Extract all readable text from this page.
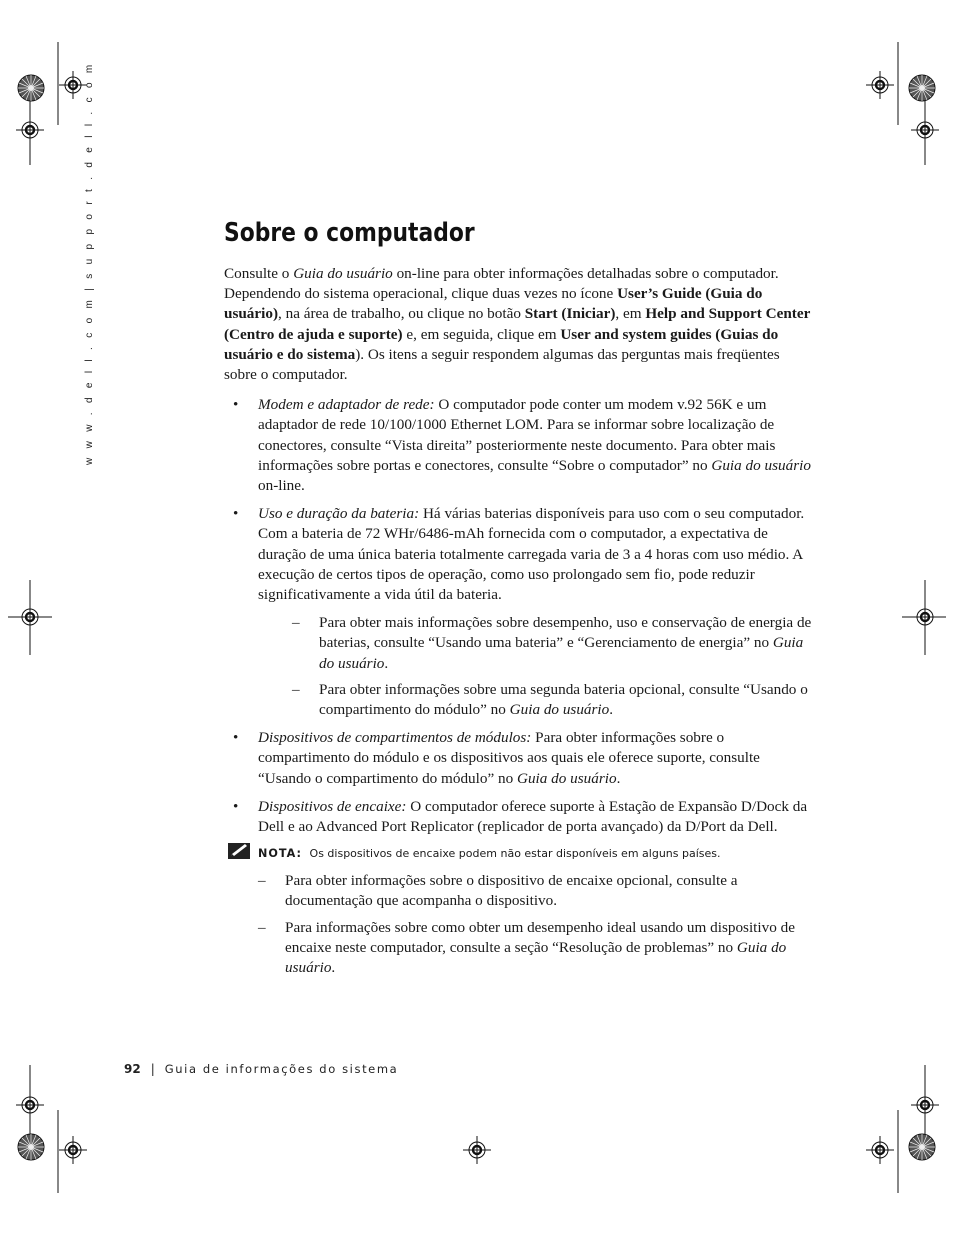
w w w . d e l l . c o m | s u p p o r t . d e l l . c o m	Sobre o computador

Consulte o Guia do usuário on-line para obter informações detalhadas sobre o computador. Dependendo do sistema operacional, clique duas vezes no ícone User’s Guide (Guia do usuário), na área de trabalho, ou clique no botão Start (Iniciar), em Help and Support Center (Centro de ajuda e suporte) e, em seguida, clique em User and system guides (Guias do usuário e do sistema). Os itens a seguir respondem algumas das perguntas mais freqüentes sobre o computador.

• Modem e adaptador de rede: O computador pode conter um modem v.92 56K e um adaptador de rede 10/100/1000 Ethernet LOM. Para se informar sobre localização de conectores, consulte “Vista direita” posteriormente neste documento. Para obter mais informações sobre portas e conectores, consulte “Sobre o computador” no Guia do usuário on-line.
• Uso e duração da bateria: Há várias baterias disponíveis para uso com o seu computador. Com a bateria de 72 WHr/6486-mAh fornecida com o computador, a expectativa de duração de uma única bateria totalmente carregada varia de 3 a 4 horas com uso médio. A execução de certos tipos de operação, como uso prolongado sem fio, pode reduzir significativamente a vida útil da bateria.
– Para obter mais informações sobre desempenho, uso e conservação de energia de baterias, consulte “Usando uma bateria” e “Gerenciamento de energia” no Guia do usuário.
– Para obter informações sobre uma segunda bateria opcional, consulte “Usando o compartimento do módulo” no Guia do usuário.
• Dispositivos de compartimentos de módulos: Para obter informações sobre o compartimento do módulo e os dispositivos aos quais ele oferece suporte, consulte “Usando o compartimento do módulo” no Guia do usuário.
• Dispositivos de encaixe: O computador oferece suporte à Estação de Expansão D/Dock da Dell e ao Advanced Port Replicator (replicador de porta avançado) da D/Port da Dell.
NOTA: Os dispositivos de encaixe podem não estar disponíveis em alguns países.
– Para obter informações sobre o dispositivo de encaixe opcional, consulte a documentação que acompanha o dispositivo.
– Para informações sobre como obter um desempenho ideal usando um dispositivo de encaixe neste computador, consulte a seção “Resolução de problemas” no Guia do usuário.
92 | Guia de informações do sistema
